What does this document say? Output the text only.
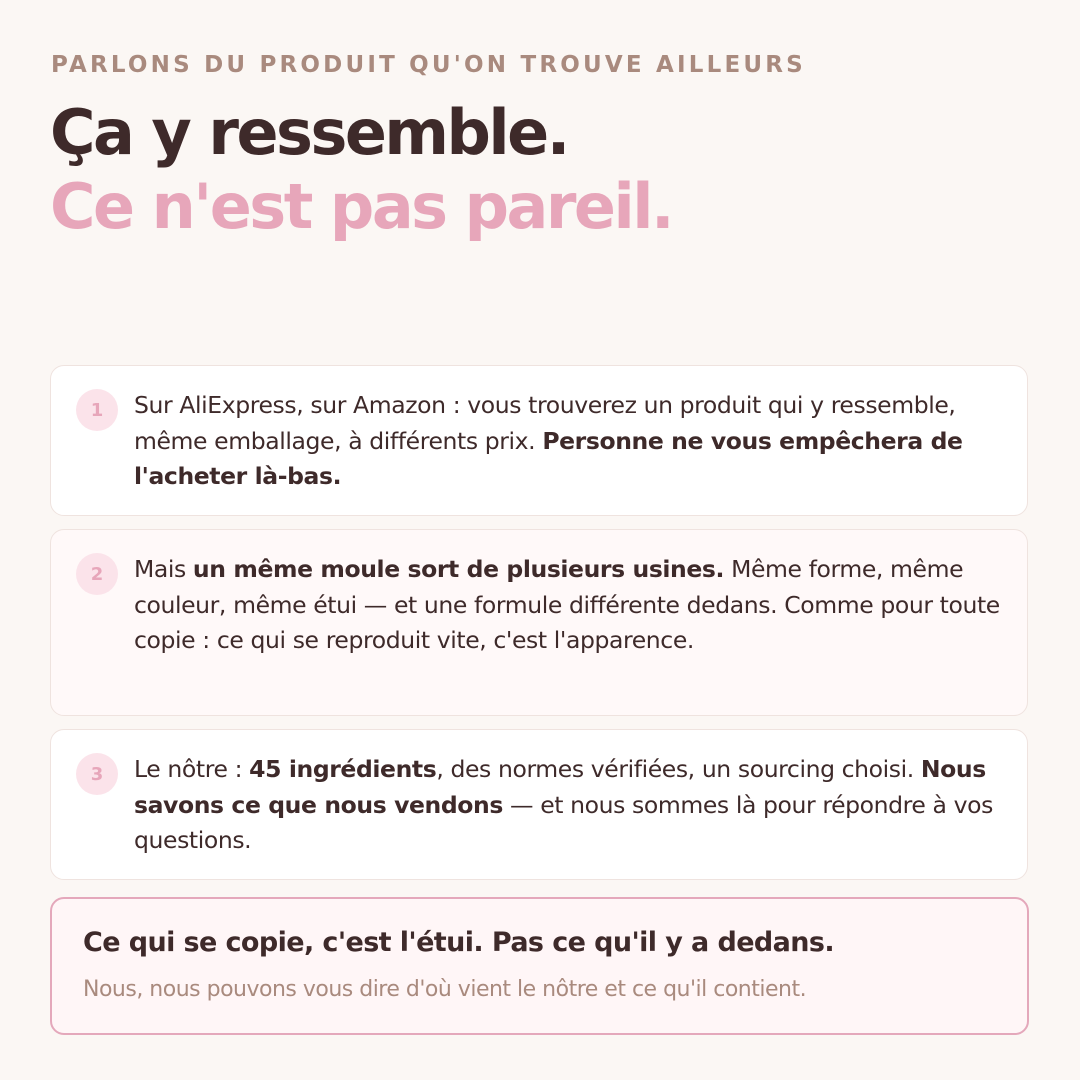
PARLONS DU PRODUIT QU'ON TROUVE AILLEURS
Ça y ressemble.
Ce n'est pas pareil.
1	Sur AliExpress, sur Amazon : vous trouverez un produit qui y ressemble, même emballage, à différents prix. Personne ne vous empêchera de l'acheter là-bas.
2	Mais un même moule sort de plusieurs usines. Même forme, même couleur, même étui — et une formule différente dedans. Comme pour toute copie : ce qui se reproduit vite, c'est l'apparence.
3	Le nôtre : 45 ingrédients, des normes vérifiées, un sourcing choisi. Nous savons ce que nous vendons — et nous sommes là pour répondre à vos questions.
Ce qui se copie, c'est l'étui. Pas ce qu'il y a dedans.
Nous, nous pouvons vous dire d'où vient le nôtre et ce qu'il contient.
